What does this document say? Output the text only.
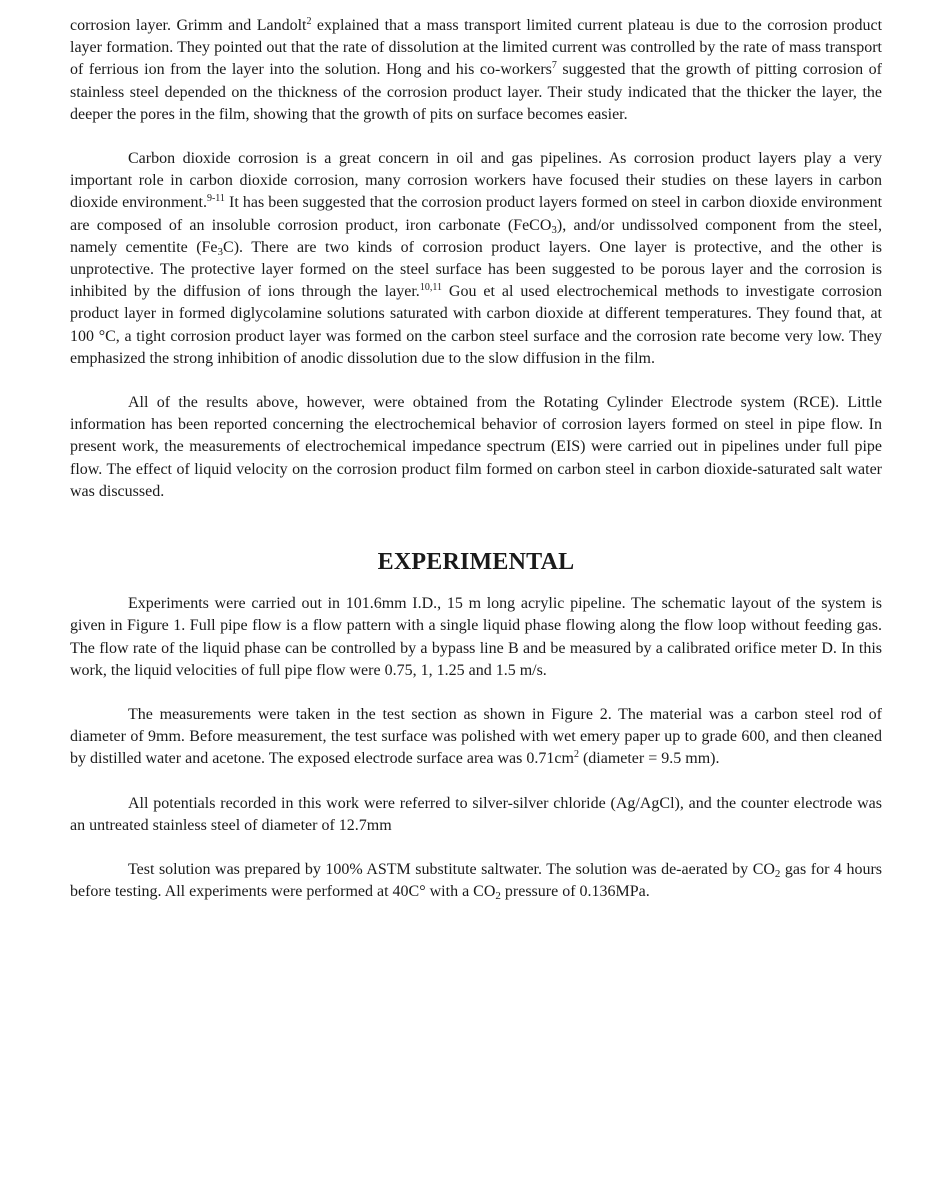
corrosion layer. Grimm and Landolt$^2$ explained that a mass transport limited current plateau is due to the corrosion product layer formation. They pointed out that the rate of dissolution at the limited current was controlled by the rate of mass transport of ferrious ion from the layer into the solution. Hong and his co-workers$^7$ suggested that the growth of pitting corrosion of stainless steel depended on the thickness of the corrosion product layer. Their study indicated that the thicker the layer, the deeper the pores in the film, showing that the growth of pits on surface becomes easier.

Carbon dioxide corrosion is a great concern in oil and gas pipelines. As corrosion product layers play a very important role in carbon dioxide corrosion, many corrosion workers have focused their studies on these layers in carbon dioxide environment.$^{9-11}$ It has been suggested that the corrosion product layers formed on steel in carbon dioxide environment are composed of an insoluble corrosion product, iron carbonate (FeCO$_3$), and/or undissolved component from the steel, namely cementite $(Fe_3C)$. There are two kinds of corrosion product layers. One layer is protective, and the other is unprotective. The protective layer formed on the steel surface has been suggested to be porous layer and the corrosion is inhibited by the diffusion of ions through the layer.$^{10,11}$ Gou et al used electrochemical methods to investigate corrosion product layer in formed diglycolamine solutions saturated with carbon dioxide at different temperatures. They found that, at 100 °C, a tight corrosion product layer was formed on the carbon steel surface and the corrosion rate become very low. They emphasized the strong inhibition of anodic dissolution due to the slow diffusion in the film.

All of the results above, however, were obtained from the Rotating Cylinder Electrode system (RCE). Little information has been reported concerning the electrochemical behavior of corrosion layers formed on steel in pipe flow. In present work, the measurements of electrochemical impedance spectrum (EIS) were carried out in pipelines under full pipe flow. The effect of liquid velocity on the corrosion product film formed on carbon steel in carbon dioxide-saturated salt water was discussed.

EXPERIMENTAL

Experiments were carried out in 101.6mm I.D., 15 m long acrylic pipeline. The schematic layout of the system is given in Figure 1. Full pipe flow is a flow pattern with a single liquid phase flowing along the flow loop without feeding gas. The flow rate of the liquid phase can be controlled by a bypass line B and be measured by a calibrated orifice meter D. In this work, the liquid velocities of full pipe flow were 0.75, 1, 1.25 and 1.5 m/s.

The measurements were taken in the test section as shown in Figure 2. The material was a carbon steel rod of diameter of 9mm. Before measurement, the test surface was polished with wet emery paper up to grade 600, and then cleaned by distilled water and acetone. The exposed electrode surface area was $0.71cm^2$ (diameter = 9.5 mm).

All potentials recorded in this work were referred to silver-silver chloride (Ag/AgCl), and the counter electrode was an untreated stainless steel of diameter of 12.7mm

Test solution was prepared by 100% ASTM substitute saltwater. The solution was de-aerated by $CO_2$ gas for 4 hours before testing. All experiments were performed at 40C° with a $CO_2$ pressure of 0.136MPa.
